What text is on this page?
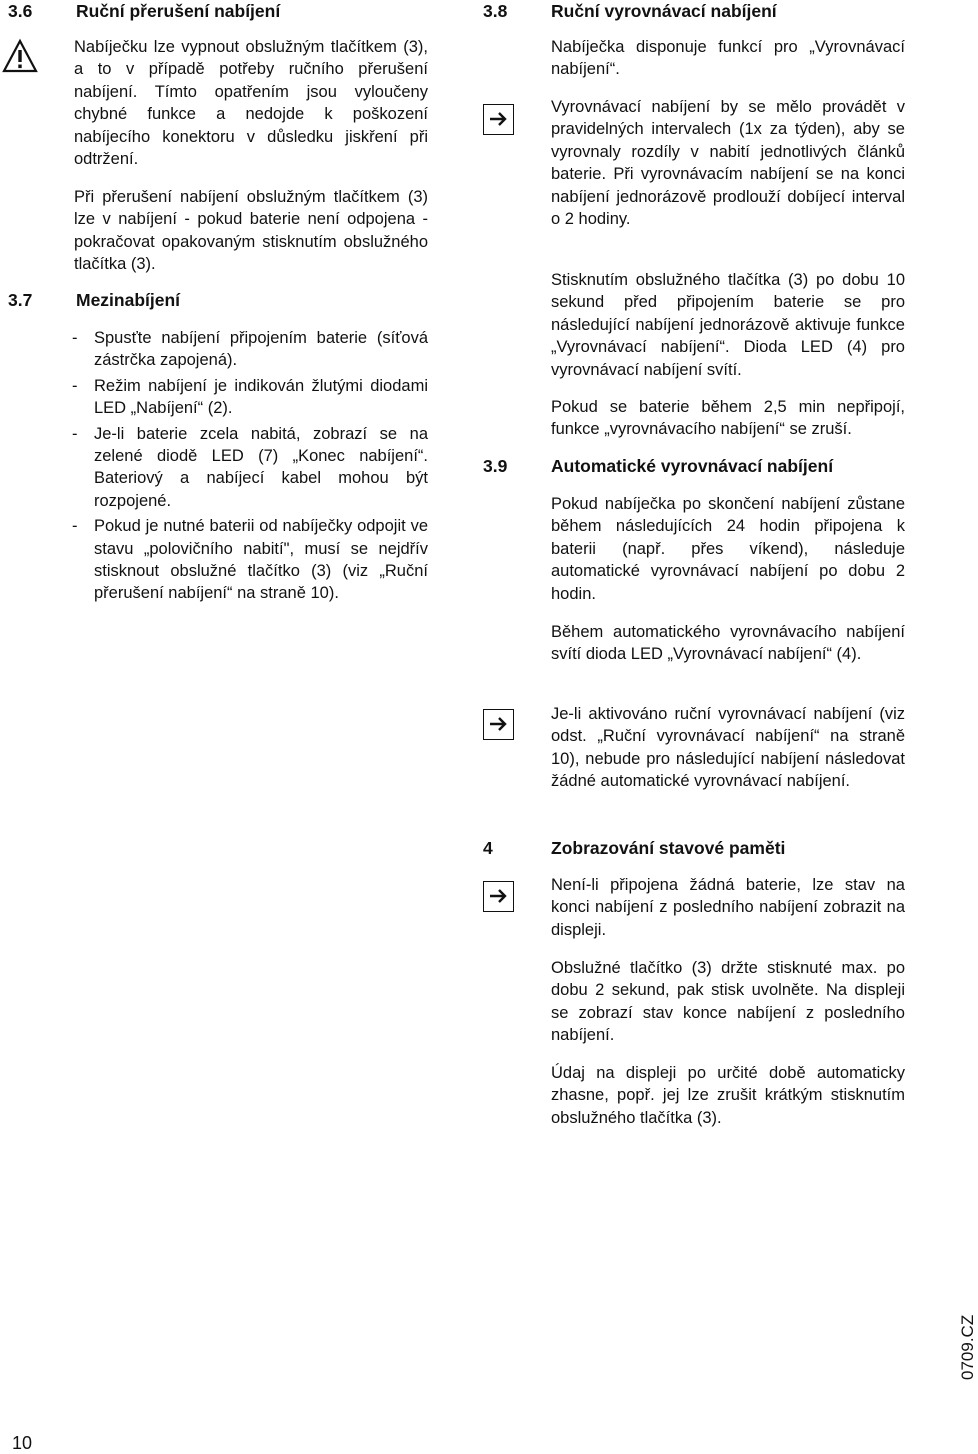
3.6 Ruční přerušení nabíjení

Nabíječku lze vypnout obslužným tlačítkem (3), a to v případě potřeby ručního přerušení nabíjení. Tímto opatřením jsou vyloučeny chybné funkce a nedojde k poškození nabíjecího konektoru v důsledku jiskření při odtržení.

Při přerušení nabíjení obslužným tlačítkem (3) lze v nabíjení - pokud baterie není odpojena - pokračovat opakovaným stisknutím obslužného tlačítka (3).

3.7 Mezinabíjení
- Spusťte nabíjení připojením baterie (síťová zástrčka zapojená).
- Režim nabíjení je indikován žlutými diodami LED „Nabíjení“ (2).
- Je-li baterie zcela nabitá, zobrazí se na zelené diodě LED (7) „Konec nabíjení“. Bateriový a nabíjecí kabel mohou být rozpojené.
- Pokud je nutné baterii od nabíječky odpojit ve stavu „polovičního nabití", musí se nejdřív stisknout obslužné tlačítko (3) (viz „Ruční přerušení nabíjení“ na straně 10).
3.8 Ruční vyrovnávací nabíjení

Nabíječka disponuje funkcí pro „Vyrovnávací nabíjení“.

Vyrovnávací nabíjení by se mělo provádět v pravidelných intervalech (1x za týden), aby se vyrovnaly rozdíly v nabití jednotlivých článků baterie. Při vyrovnávacím nabíjení se na konci nabíjení jednorázově prodlouží dobíjecí interval o 2 hodiny.

Stisknutím obslužného tlačítka (3) po dobu 10 sekund před připojením baterie se pro následující nabíjení jednorázově aktivuje funkce „Vyrovnávací nabíjení“. Dioda LED (4) pro vyrovnávací nabíjení svítí.

Pokud se baterie během 2,5 min nepřipojí, funkce „vyrovnávacího nabíjení“ se zruší.

3.9 Automatické vyrovnávací nabíjení

Pokud nabíječka po skončení nabíjení zůstane během následujících 24 hodin připojena k baterii (např. přes víkend), následuje automatické vyrovnávací nabíjení po dobu 2 hodin.

Během automatického vyrovnávacího nabíjení svítí dioda LED „Vyrovnávací nabíjení“ (4).

Je-li aktivováno ruční vyrovnávací nabíjení (viz odst. „Ruční vyrovnávací nabíjení“ na straně 10), nebude pro následující nabíjení následovat žádné automatické vyrovnávací nabíjení.

4	Zobrazování stavové paměti

Není-li připojena žádná baterie, lze stav na konci nabíjení z posledního nabíjení zobrazit na displeji.

Obslužné tlačítko (3) držte stisknuté max. po dobu 2 sekund, pak stisk uvolněte. Na displeji se zobrazí stav konce nabíjení z posledního nabíjení.

Údaj na displeji po určité době automaticky zhasne, popř. jej lze zrušit krátkým stisknutím obslužného tlačítka (3).

10
0709.CZ
